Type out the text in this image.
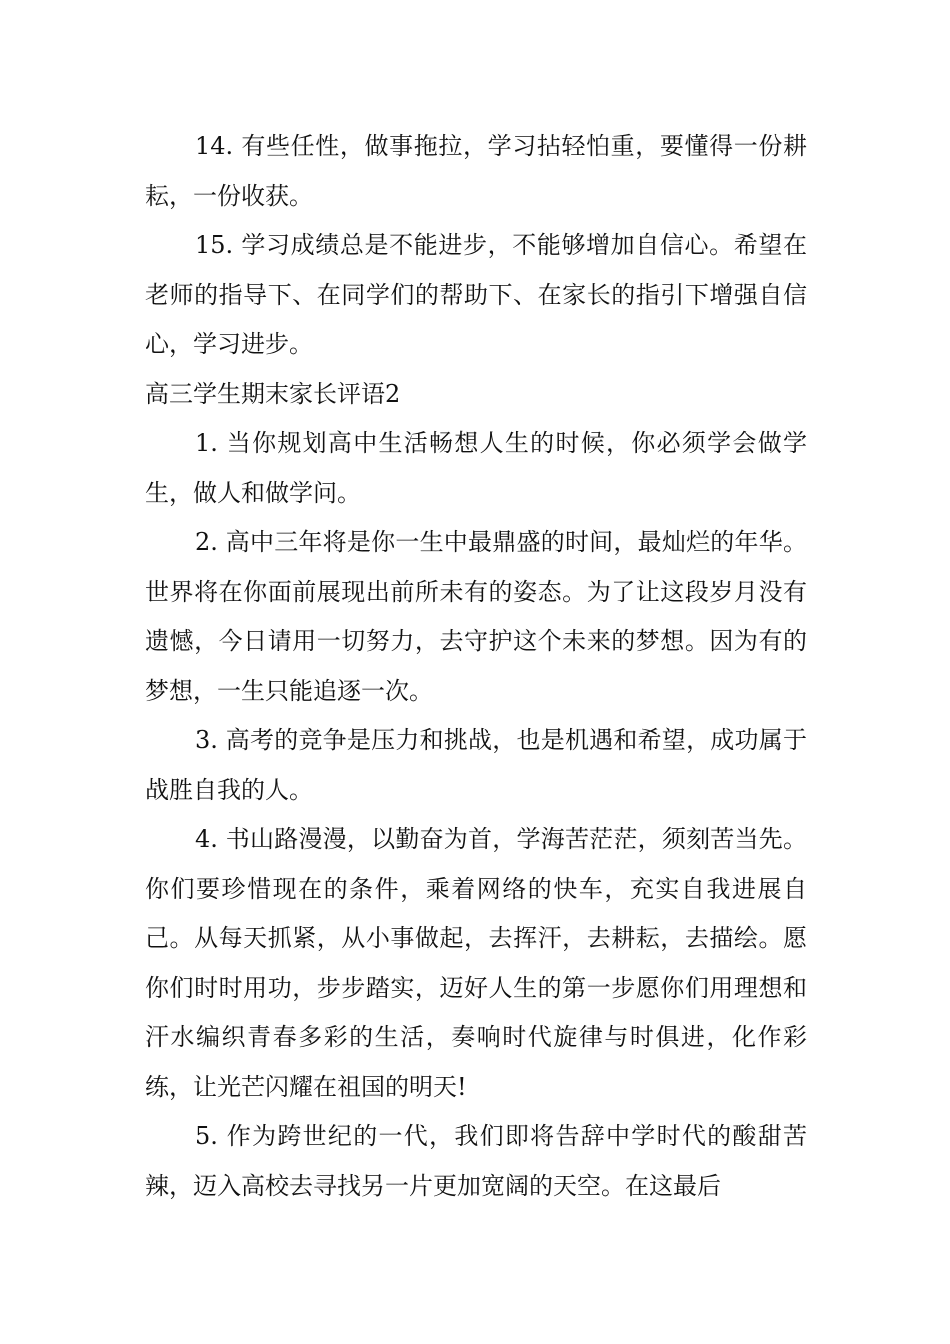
14. 有些任性，做事拖拉，学习拈轻怕重，要懂得一份耕耘，一份收获。

15. 学习成绩总是不能进步，不能够增加自信心。希望在老师的指导下、在同学们的帮助下、在家长的指引下增强自信心，学习进步。

高三学生期末家长评语2

1. 当你规划高中生活畅想人生的时候，你必须学会做学生，做人和做学问。

2. 高中三年将是你一生中最鼎盛的时间，最灿烂的年华。世界将在你面前展现出前所未有的姿态。为了让这段岁月没有遗憾，今日请用一切努力，去守护这个未来的梦想。因为有的梦想，一生只能追逐一次。

3. 高考的竞争是压力和挑战，也是机遇和希望，成功属于战胜自我的人。

4. 书山路漫漫，以勤奋为首，学海苦茫茫，须刻苦当先。你们要珍惜现在的条件，乘着网络的快车，充实自我进展自己。从每天抓紧，从小事做起，去挥汗，去耕耘，去描绘。愿你们时时用功，步步踏实，迈好人生的第一步愿你们用理想和汗水编织青春多彩的生活，奏响时代旋律与时俱进，化作彩练，让光芒闪耀在祖国的明天!

5. 作为跨世纪的一代，我们即将告辞中学时代的酸甜苦辣，迈入高校去寻找另一片更加宽阔的天空。在这最后
